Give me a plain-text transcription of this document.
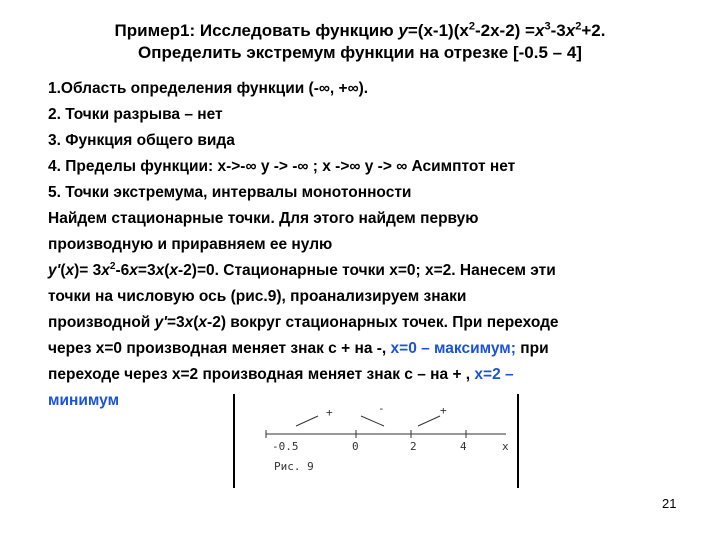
Пример1: Исследовать функцию $y=(x-1)(x^2-2x-2) =x^3-3x^2+2$.
Определить экстремум функции на отрезке [-0.5 – 4]
1.Область определения функции (-∞, +∞).
2. Точки разрыва – нет
3. Функция общего вида
4. Пределы функции: x->-∞ y -> -∞ ; x ->∞ y -> ∞ Асимптот нет
5. Точки экстремума, интервалы монотонности
Найдем стационарные точки. Для этого найдем первую
производную и приравняем ее нулю
$y'(x)= 3x^2-6x=3x(x-2)=0$. Стационарные точки x=0; x=2. Нанесем эти
точки на числовую ось (рис.9), проанализируем знаки
производной y'=3x(x-2) вокруг стационарных точек. При переходе
через x=0 производная меняет знак с + на -, x=0 – максимум; при
переходе через x=2 производная меняет знак с – на + , x=2 –
минимум
+	-	+
-0.5	0	2	4	x
Рис. 9
21
